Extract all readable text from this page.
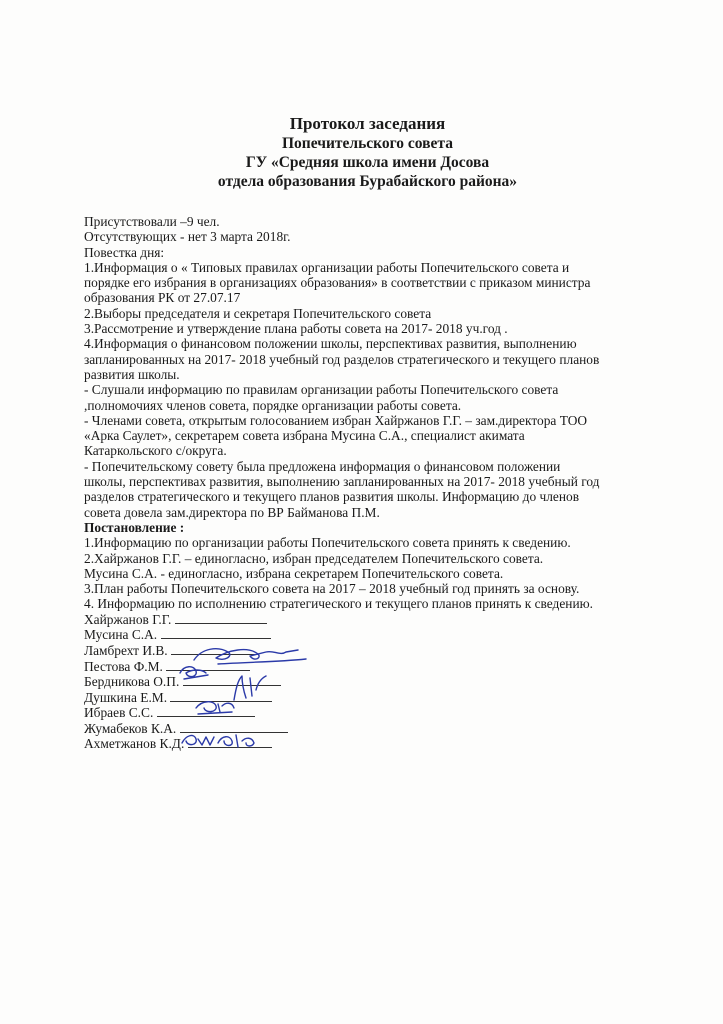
Протокол заседания
Попечительского совета
ГУ «Средняя школа имени Досова
отдела образования Бурабайского района»
Присутствовали –9 чел.
Отсутствующих - нет 3 марта 2018г.
Повестка дня:
1.Информация о « Типовых правилах организации работы Попечительского совета и
порядке его избрания в организациях образования» в соответствии с приказом министра
образования РК от 27.07.17
2.Выборы председателя и секретаря Попечительского совета
3.Рассмотрение и утверждение плана работы совета на 2017- 2018 уч.год .
4.Информация о финансовом положении школы, перспективах развития, выполнению
запланированных на 2017- 2018 учебный год разделов стратегического и текущего планов
развития школы.
- Слушали информацию по правилам организации работы Попечительского совета
,полномочиях членов совета, порядке организации работы совета.
- Членами совета, открытым голосованием избран Хайржанов Г.Г. – зам.директора ТОО
«Арка Саулет», секретарем совета избрана Мусина С.А., специалист акимата
Катаркольского с/округа.
- Попечительскому совету была предложена информация о финансовом положении
школы, перспективах развития, выполнению запланированных на 2017- 2018 учебный год
разделов стратегического и текущего планов развития школы. Информацию до членов
совета довела зам.директора по ВР Байманова П.М.
Постановление :
1.Информацию по организации работы Попечительского совета принять к сведению.
2.Хайржанов Г.Г. – единогласно, избран председателем Попечительского совета.
Мусина С.А. - единогласно, избрана секретарем Попечительского совета.
3.План работы Попечительского совета на 2017 – 2018 учебный год принять за основу.
4. Информацию по исполнению стратегического и текущего планов принять к сведению.
Хайржанов Г.Г.
Мусина С.А.
Ламбрехт И.В.
Пестова Ф.М.
Бердникова О.П.
Душкина Е.М.
Ибраев С.С.
Жумабеков К.А.
Ахметжанов К.Д.
